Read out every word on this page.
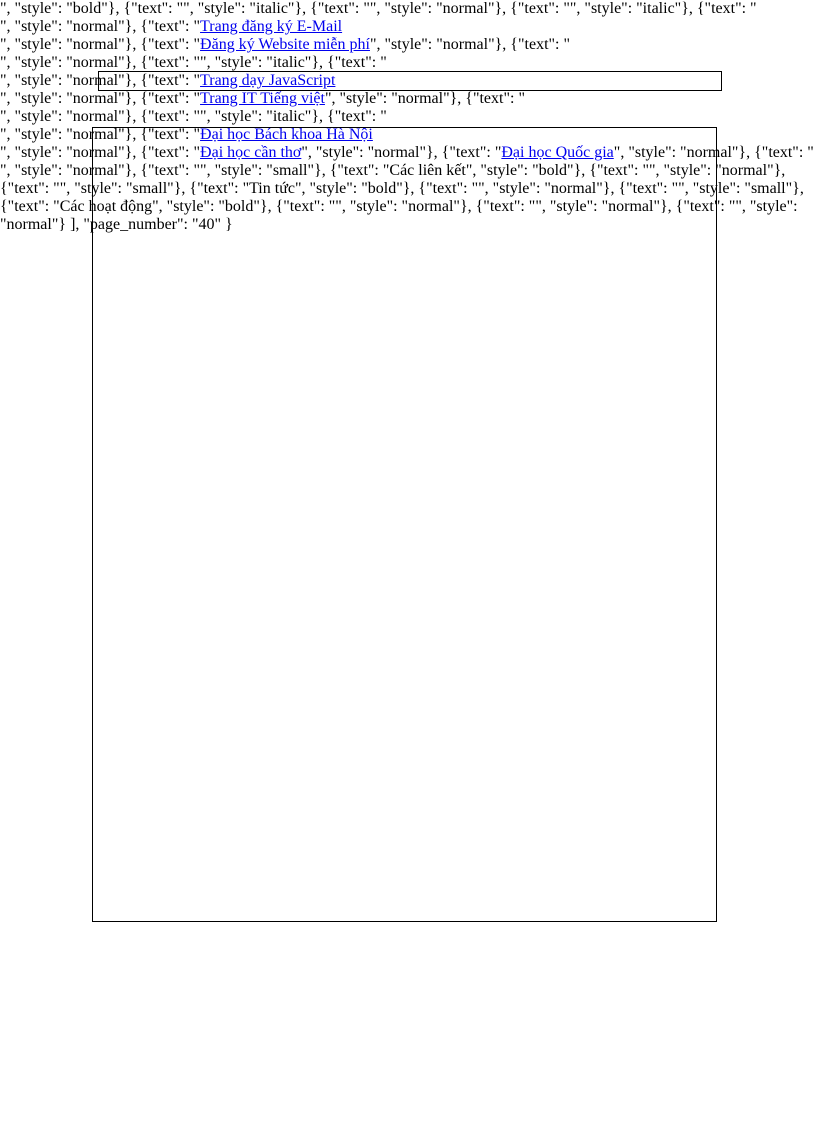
", "style": "bold"}, {"text": "", "style": "italic"}, {"text": "", "style": "normal"}, {"text": "", "style": "italic"}, {"text": "
", "style": "normal"}, {"text": "Trang đăng ký E-Mail
", "style": "normal"}, {"text": "Đăng ký Website miễn phí", "style": "normal"}, {"text": "
", "style": "normal"}, {"text": "", "style": "italic"}, {"text": "
", "style": "normal"}, {"text": "Trang dạy JavaScript
", "style": "normal"}, {"text": "Trang IT Tiếng việt", "style": "normal"}, {"text": "
", "style": "normal"}, {"text": "", "style": "italic"}, {"text": "
", "style": "normal"}, {"text": "Đại học Bách khoa Hà Nội
", "style": "normal"}, {"text": "Đại học cần thơ", "style": "normal"}, {"text": "Đại học Quốc gia", "style": "normal"}, {"text": "
", "style": "normal"}, {"text": "", "style": "small"}, {"text": "Các liên kết", "style": "bold"}, {"text": "", "style": "normal"}, {"text": "", "style": "small"}, {"text": "Tin tức", "style": "bold"}, {"text": "", "style": "normal"}, {"text": "", "style": "small"}, {"text": "Các hoạt động", "style": "bold"}, {"text": "", "style": "normal"}, {"text": "", "style": "normal"}, {"text": "", "style": "normal"} ], "page_number": "40" }
